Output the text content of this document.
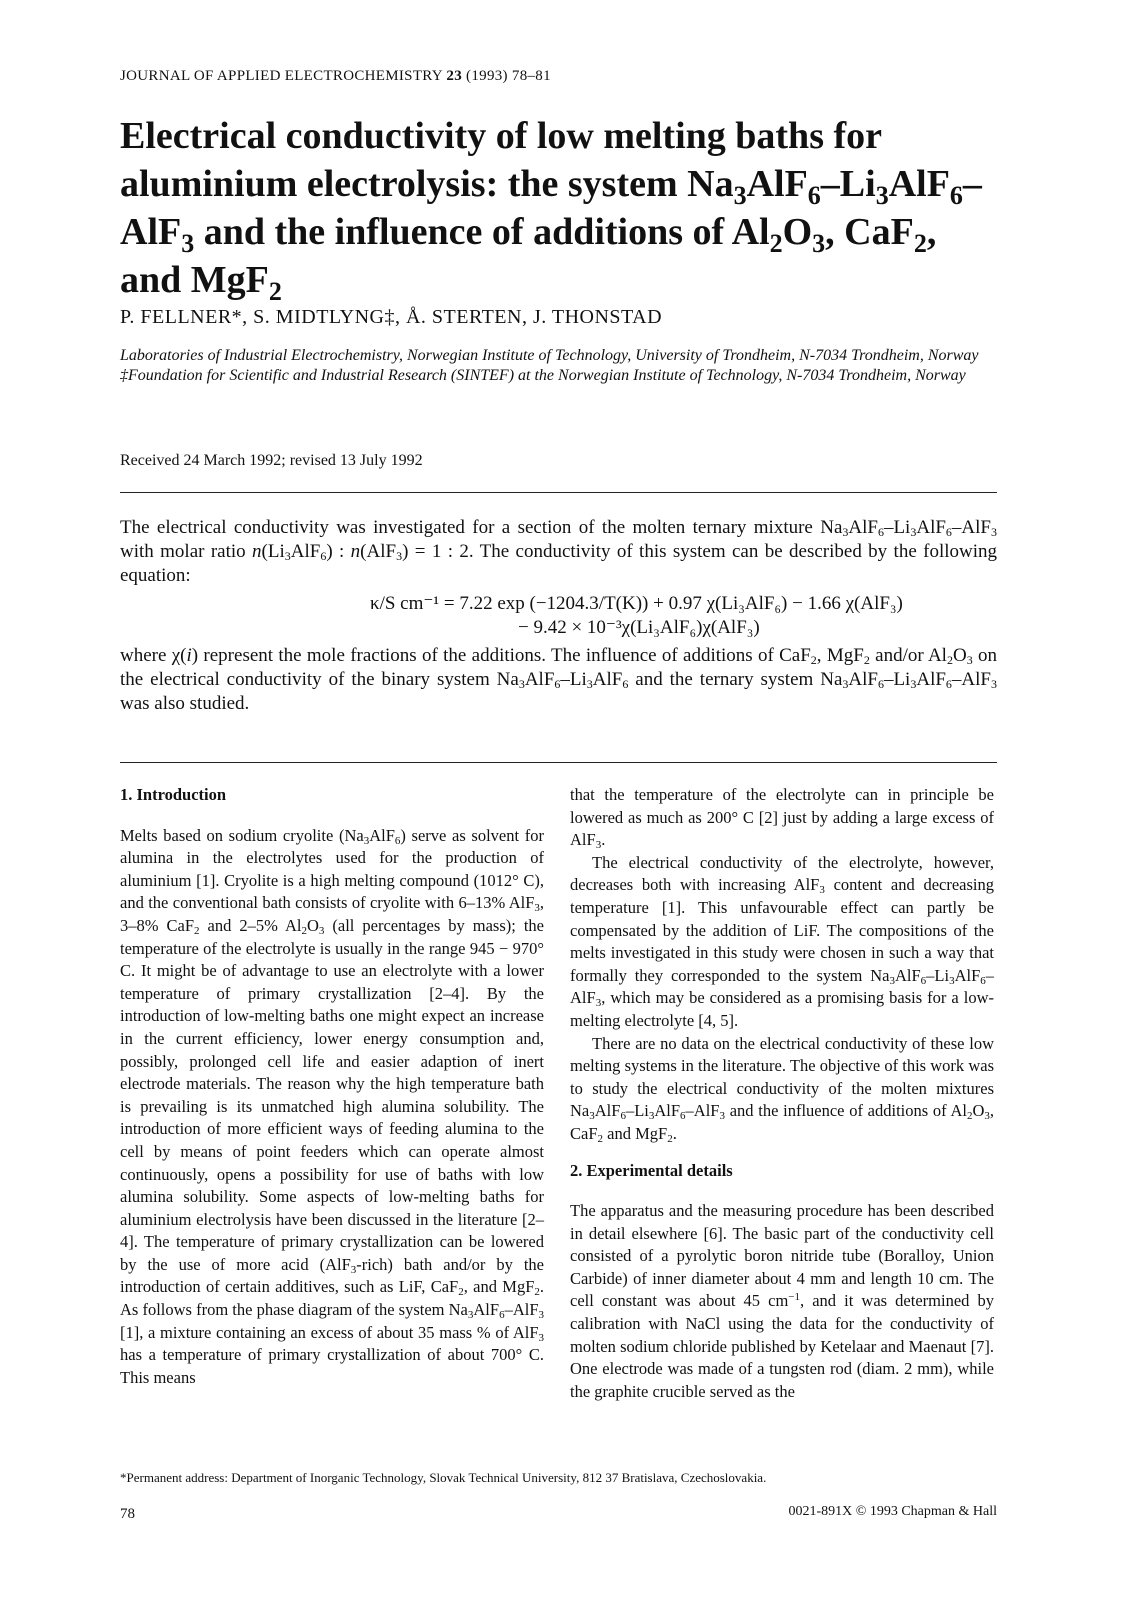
JOURNAL OF APPLIED ELECTROCHEMISTRY 23 (1993) 78–81
Electrical conductivity of low melting baths for
aluminium electrolysis: the system $Na_3AlF_6-Li_3AlF_6-$
AlF$_3$ and the influence of additions of $Al_2O_3$, CaF$_2$,
and MgF$_2$
P. FELLNER*, S. MIDTLYNG‡, Å. STERTEN, J. THONSTAD

Laboratories of Industrial Electrochemistry, Norwegian Institute of Technology, University of Trondheim, N-7034 Trondheim, Norway

‡Foundation for Scientific and Industrial Research (SINTEF) at the Norwegian Institute of Technology, N-7034 Trondheim, Norway

Received 24 March 1992; revised 13 July 1992

The electrical conductivity was investigated for a section of the molten ternary mixture $Na_3AlF_6-Li_3AlF_6-AlF_3$ with molar ratio $n(Li_3AlF_6)$ : n(AlF$_3$) = 1 : 2. The conductivity of this system can be described by the following equation:

κ/S cm⁻¹ = 7.22 exp (−1204.3/T(K)) + 0.97 χ(Li₃AlF₆) − 1.66 χ(AlF₃)
− 9.42 × 10⁻³χ(Li₃AlF₆)χ(AlF₃)

where χ(i) represent the mole fractions of the additions. The influence of additions of CaF$_2$, MgF$_2$ and/or $Al_2O_3$ on the electrical conductivity of the binary system $Na_3AlF_6-Li_3AlF_6$ and the ternary system $Na_3AlF_6-Li_3AlF_6-AlF_3$ was also studied.

1. Introduction

Melts based on sodium cryolite $(Na_3AlF_6)$ serve as solvent for alumina in the electrolytes used for the production of aluminium [1]. Cryolite is a high melting compound (1012° C), and the conventional bath consists of cryolite with 6–13% AlF$_3$, 3–8% CaF$_2$ and 2–5% $Al_2O_3$ (all percentages by mass); the temperature of the electrolyte is usually in the range 945 − 970° C. It might be of advantage to use an electrolyte with a lower temperature of primary crystallization [2–4]. By the introduction of low-melting baths one might expect an increase in the current efficiency, lower energy consumption and, possibly, prolonged cell life and easier adaption of inert electrode materials. The reason why the high temperature bath is prevailing is its unmatched high alumina solubility. The introduction of more efficient ways of feeding alumina to the cell by means of point feeders which can operate almost continuously, opens a possibility for use of baths with low alumina solubility. Some aspects of low-melting baths for aluminium electrolysis have been discussed in the literature [2–4]. The temperature of primary crystallization can be lowered by the use of more acid (AlF$_3$-rich) bath and/or by the introduction of certain additives, such as LiF, CaF$_2$, and MgF$_2$. As follows from the phase diagram of the system $Na_3AlF_6-AlF_3$ [1], a mixture containing an excess of about 35 mass % of AlF$_3$ has a temperature of primary crystallization of about 700° C. This means

that the temperature of the electrolyte can in principle be lowered as much as 200° C [2] just by adding a large excess of AlF$_3$.

The electrical conductivity of the electrolyte, however, decreases both with increasing AlF$_3$ content and decreasing temperature [1]. This unfavourable effect can partly be compensated by the addition of LiF. The compositions of the melts investigated in this study were chosen in such a way that formally they corresponded to the system $Na_3AlF_6-Li_3AlF_6-AlF_3$, which may be considered as a promising basis for a low-melting electrolyte [4, 5].

There are no data on the electrical conductivity of these low melting systems in the literature. The objective of this work was to study the electrical conductivity of the molten mixtures $Na_3AlF_6-Li_3AlF_6-AlF_3$ and the influence of additions of $Al_2O_3$, CaF$_2$ and MgF$_2$.

2. Experimental details

The apparatus and the measuring procedure has been described in detail elsewhere [6]. The basic part of the conductivity cell consisted of a pyrolytic boron nitride tube (Boralloy, Union Carbide) of inner diameter about 4 mm and length 10 cm. The cell constant was about 45 $cm^{-1}$, and it was determined by calibration with NaCl using the data for the conductivity of molten sodium chloride published by Ketelaar and Maenaut [7]. One electrode was made of a tungsten rod (diam. 2 mm), while the graphite crucible served as the

*Permanent address: Department of Inorganic Technology, Slovak Technical University, 812 37 Bratislava, Czechoslovakia.
78	0021-891X © 1993 Chapman & Hall
